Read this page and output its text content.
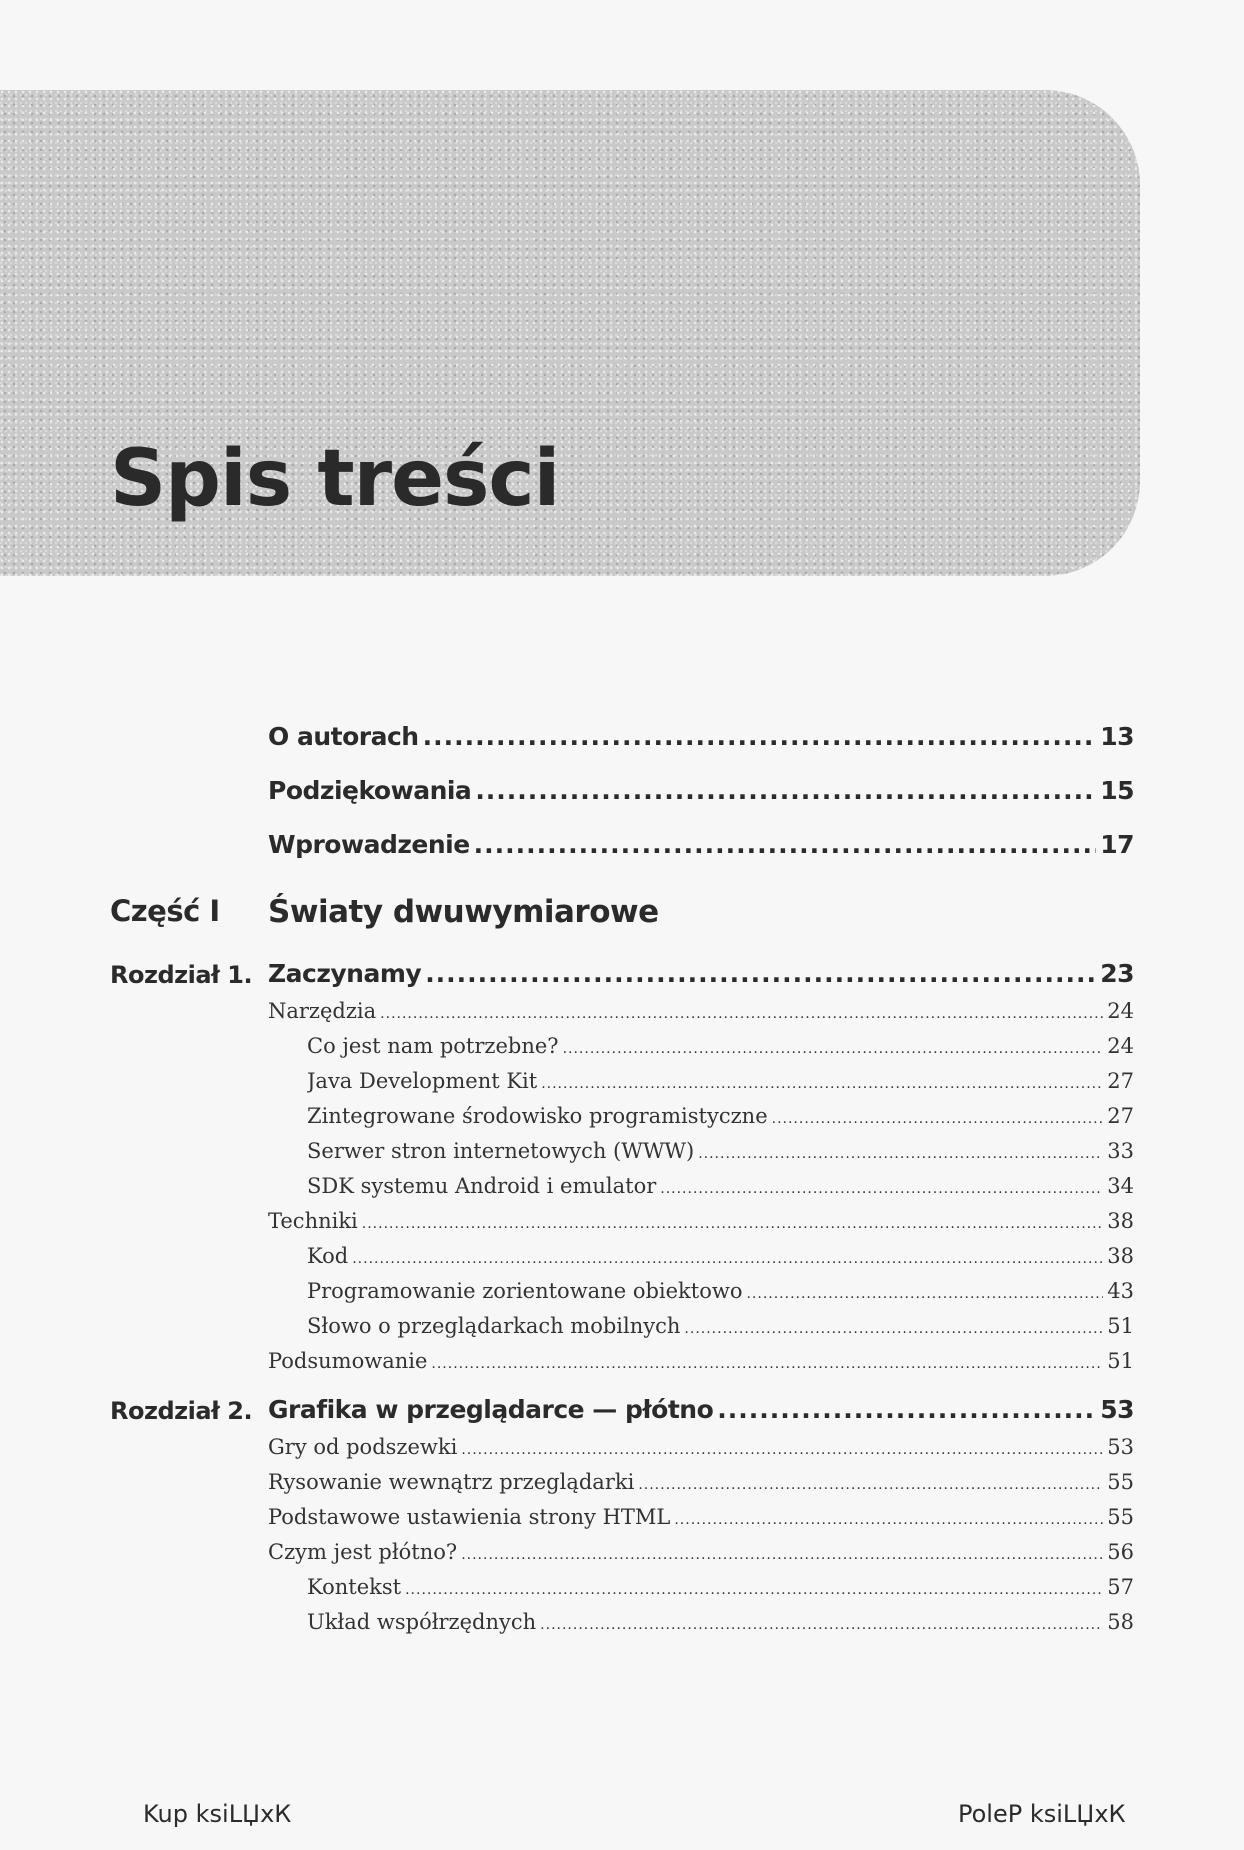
Spis treści
O autorach .....	13
Podziękowania .....	15
Wprowadzenie .....	17
Część I Światy dwuwymiarowe
Rozdział 1. Zaczynamy .....	23
Narzędzia .....	24
Co jest nam potrzebne? .....	24
Java Development Kit .....	27
Zintegrowane środowisko programistyczne .....	27
Serwer stron internetowych (WWW) .....	33
SDK systemu Android i emulator .....	34
Techniki .....	38
Kod .....	38
Programowanie zorientowane obiektowo .....	43
Słowo o przeglądarkach mobilnych .....	51
Podsumowanie .....	51
Rozdział 2. Grafika w przeglądarce — płótno .....	53
Gry od podszewki .....	53
Rysowanie wewnątrz przeglądarki .....	55
Podstawowe ustawienia strony HTML .....	55
Czym jest płótno? .....	56
Kontekst .....	57
Układ współrzędnych .....	58
Kup ksiLЏxК	PoleP ksiLЏxК
